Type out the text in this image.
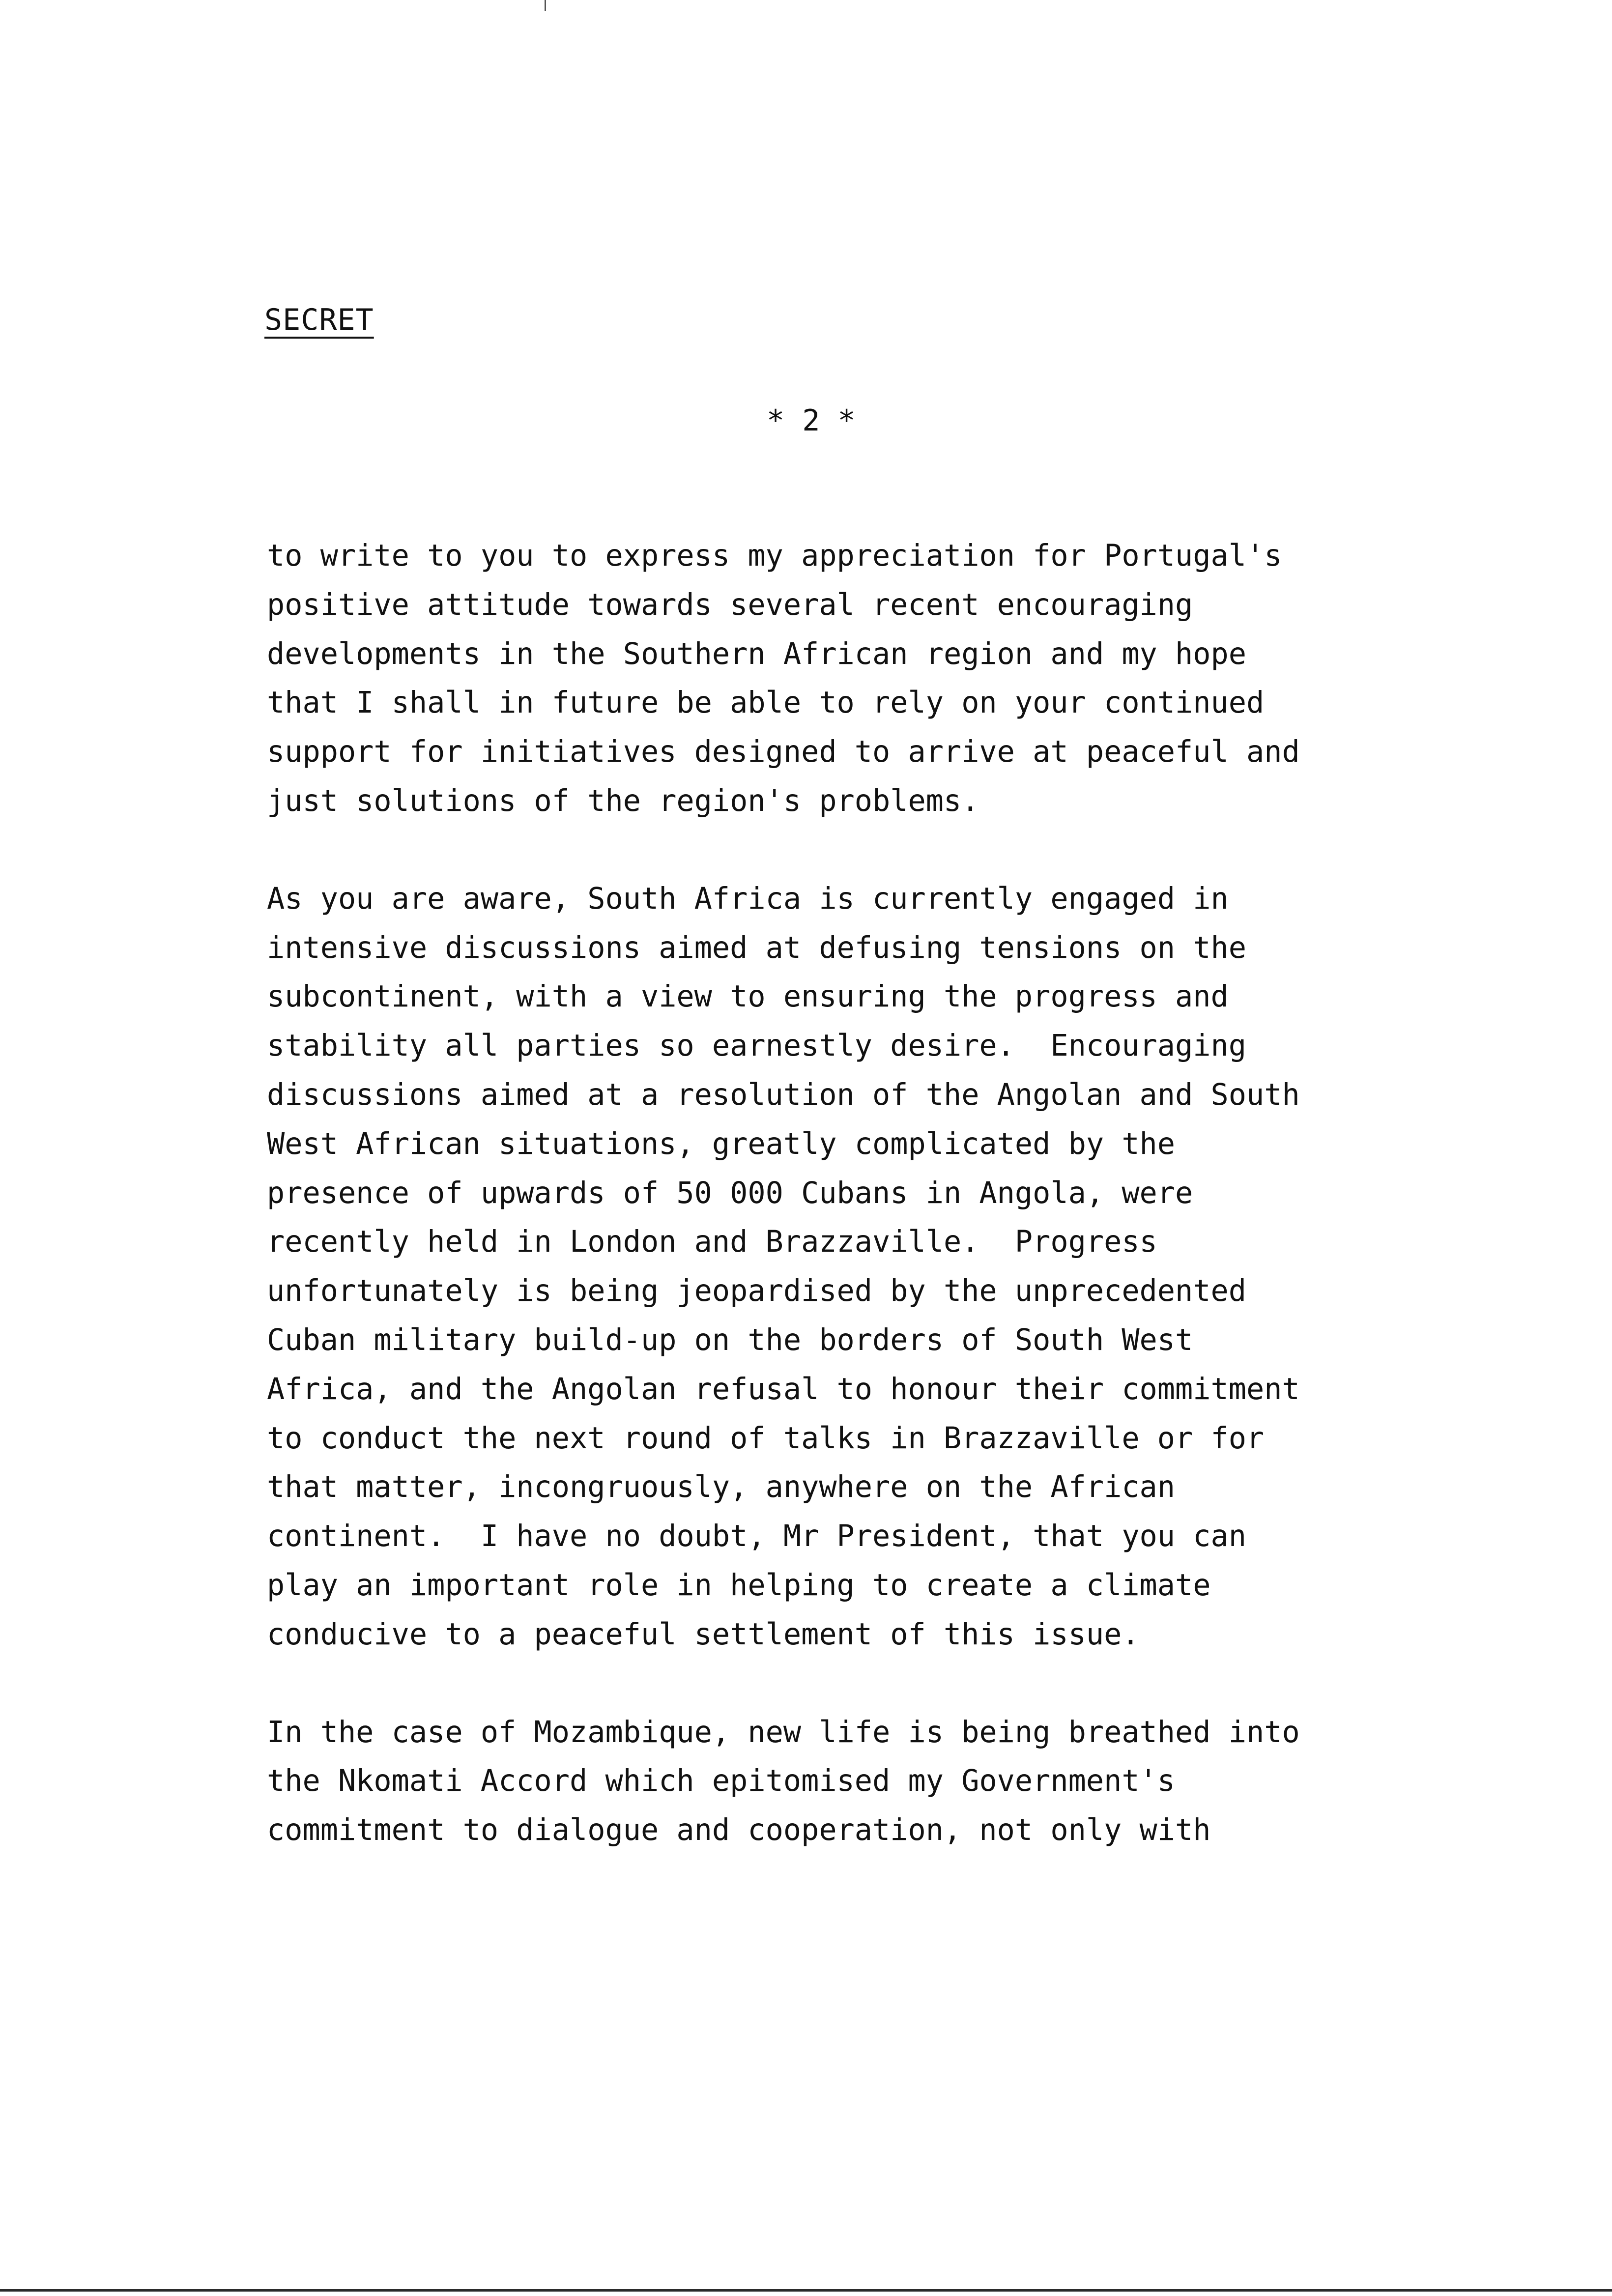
SECRET
* 2 *
to write to you to express my appreciation for Portugal's
positive attitude towards several recent encouraging
developments in the Southern African region and my hope
that I shall in future be able to rely on your continued
support for initiatives designed to arrive at peaceful and
just solutions of the region's problems.
As you are aware, South Africa is currently engaged in
intensive discussions aimed at defusing tensions on the
subcontinent, with a view to ensuring the progress and
stability all parties so earnestly desire.  Encouraging
discussions aimed at a resolution of the Angolan and South
West African situations, greatly complicated by the
presence of upwards of 50 000 Cubans in Angola, were
recently held in London and Brazzaville.  Progress
unfortunately is being jeopardised by the unprecedented
Cuban military build-up on the borders of South West
Africa, and the Angolan refusal to honour their commitment
to conduct the next round of talks in Brazzaville or for
that matter, incongruously, anywhere on the African
continent.  I have no doubt, Mr President, that you can
play an important role in helping to create a climate
conducive to a peaceful settlement of this issue.
In the case of Mozambique, new life is being breathed into
the Nkomati Accord which epitomised my Government's
commitment to dialogue and cooperation, not only with
